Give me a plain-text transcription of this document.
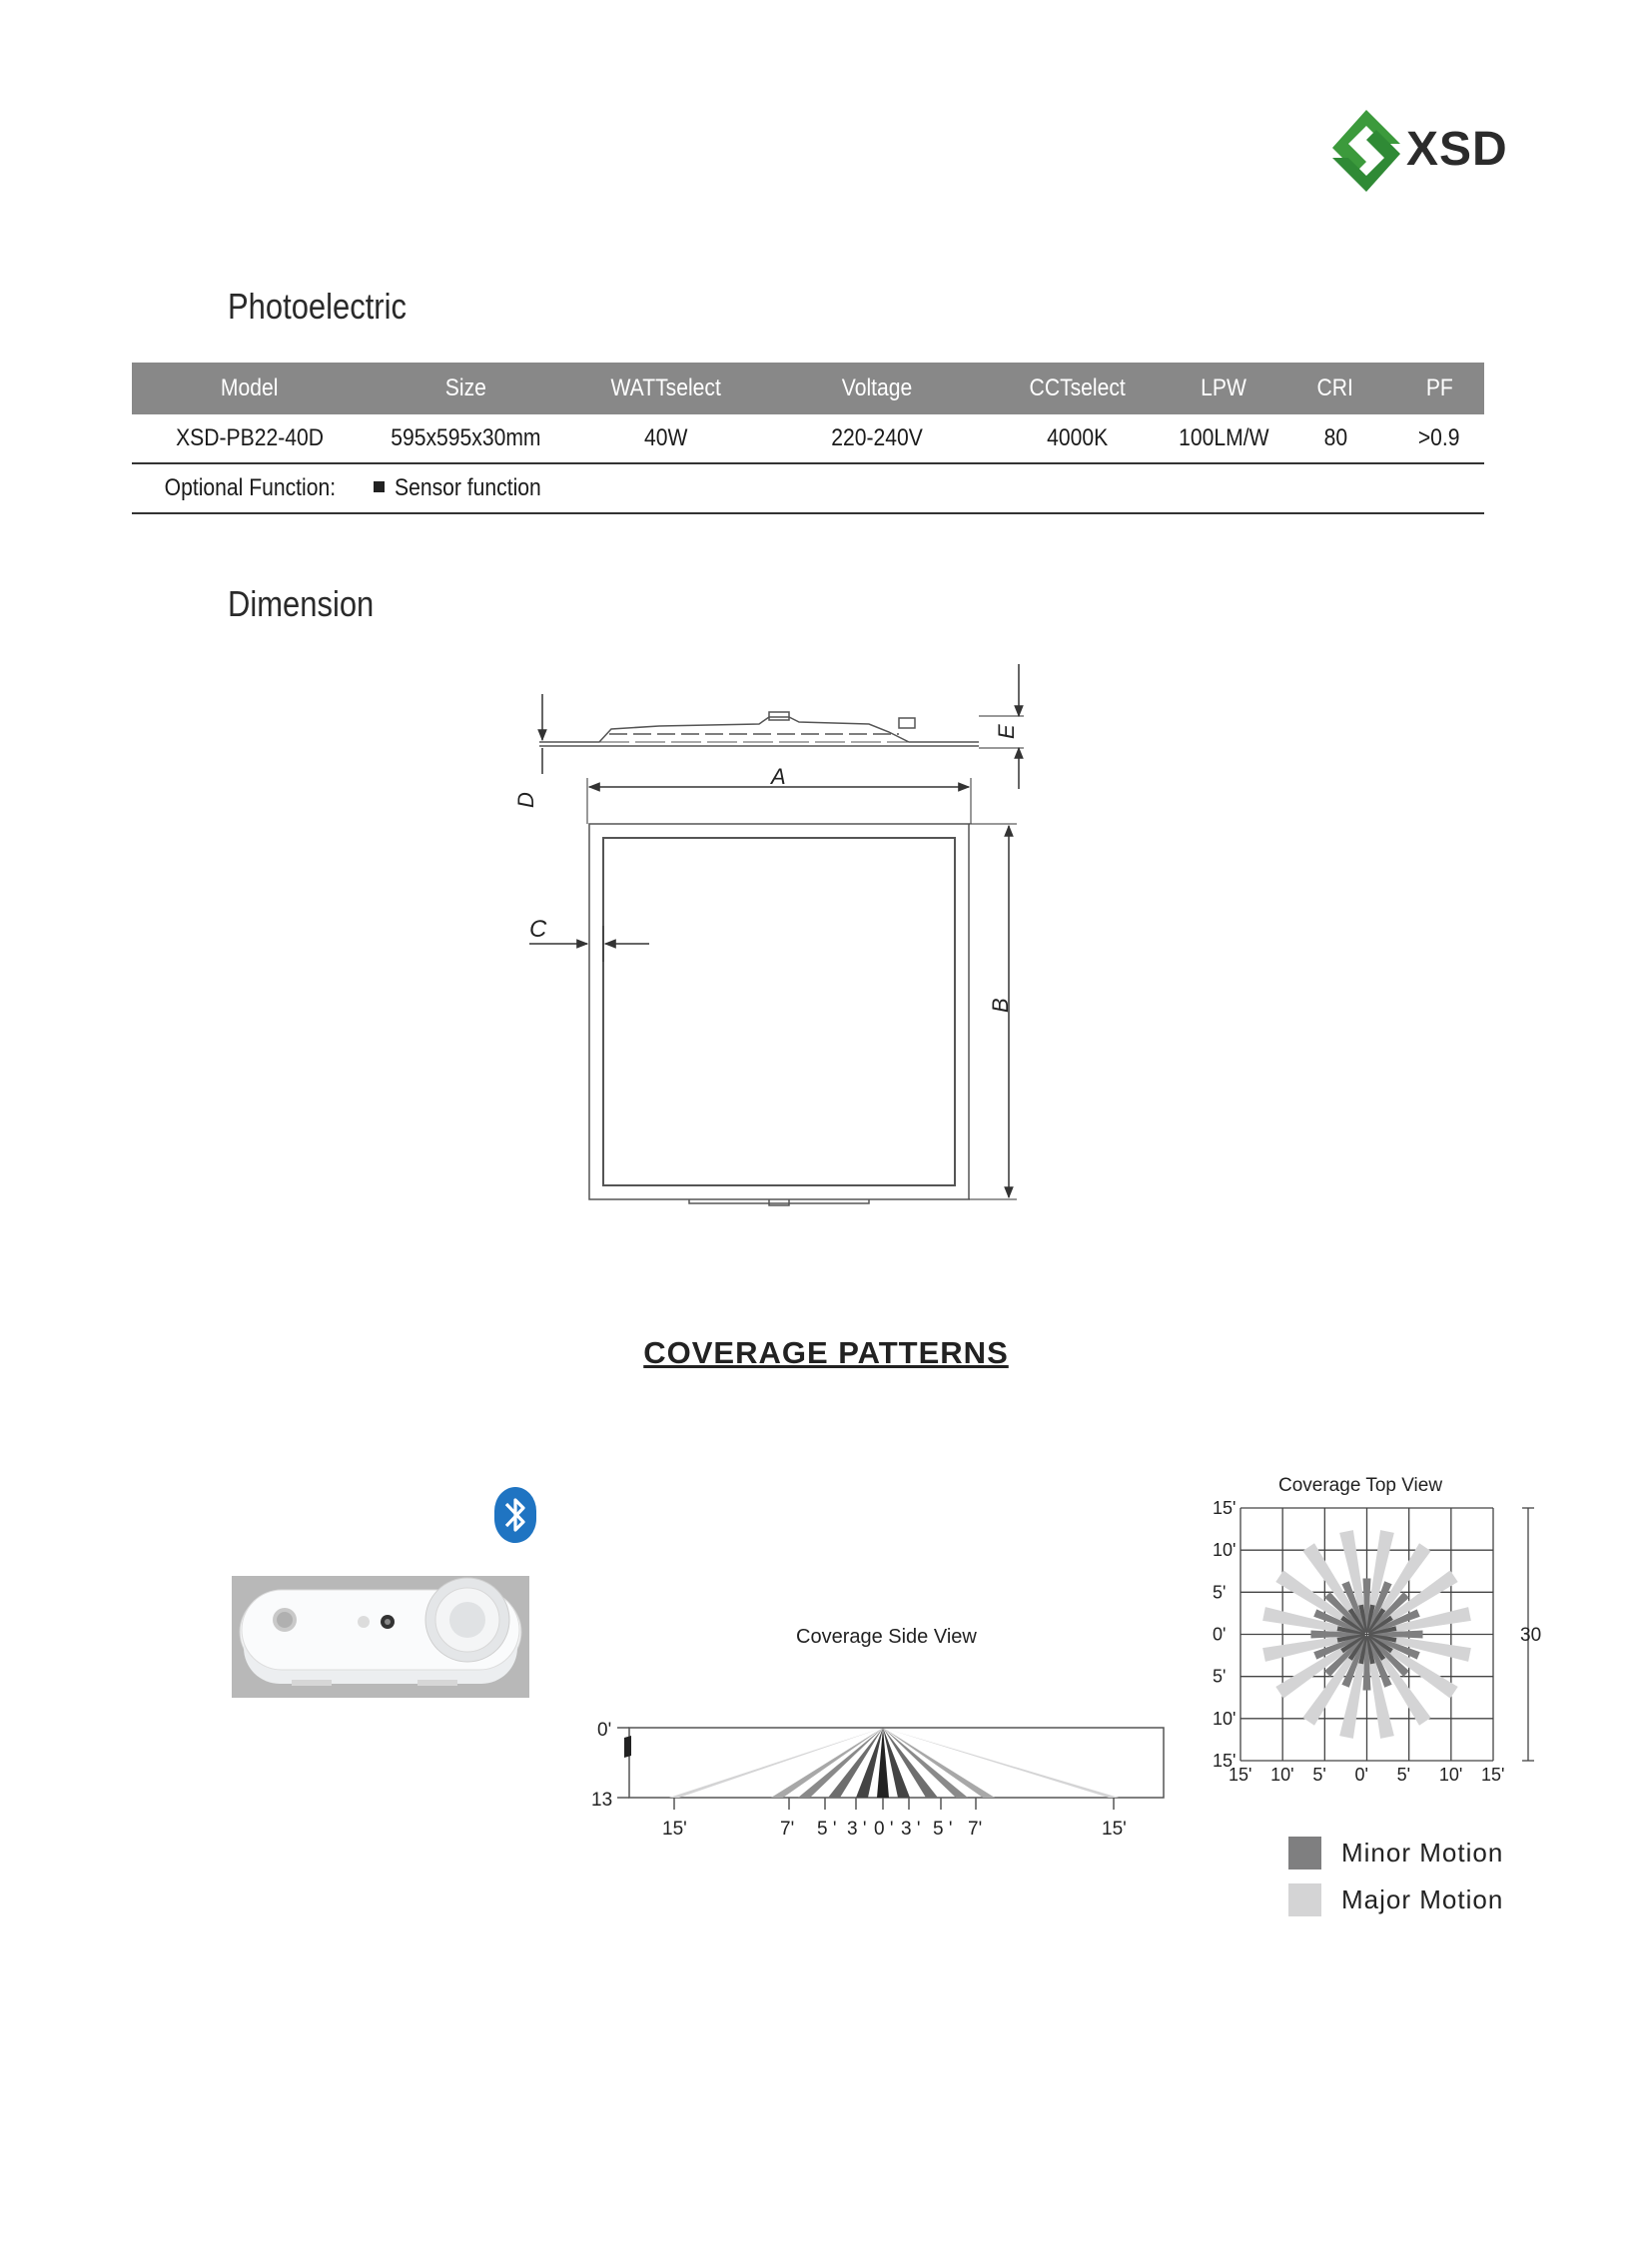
XSD
Photoelectric
Model	Size	WATTselect	Voltage	CCTselect	LPW	CRI	PF
XSD-PB22-40D	595x595x30mm	40W	220-240V	4000K	100LM/W	80	>0.9
Optional Function:	Sensor function						
Dimension
D
E
A
B
C
COVERAGE PATTERNS
Coverage Side View
0'
13
15'	7' 5 ' 3 ' 0 ' 3 ' 5 ' 7'	15'
Coverage Top View
15'
10'
5'
0'
5'
10'
15'
15' 10' 5' 0' 5' 10' 15'
30
Minor Motion
Major Motion
